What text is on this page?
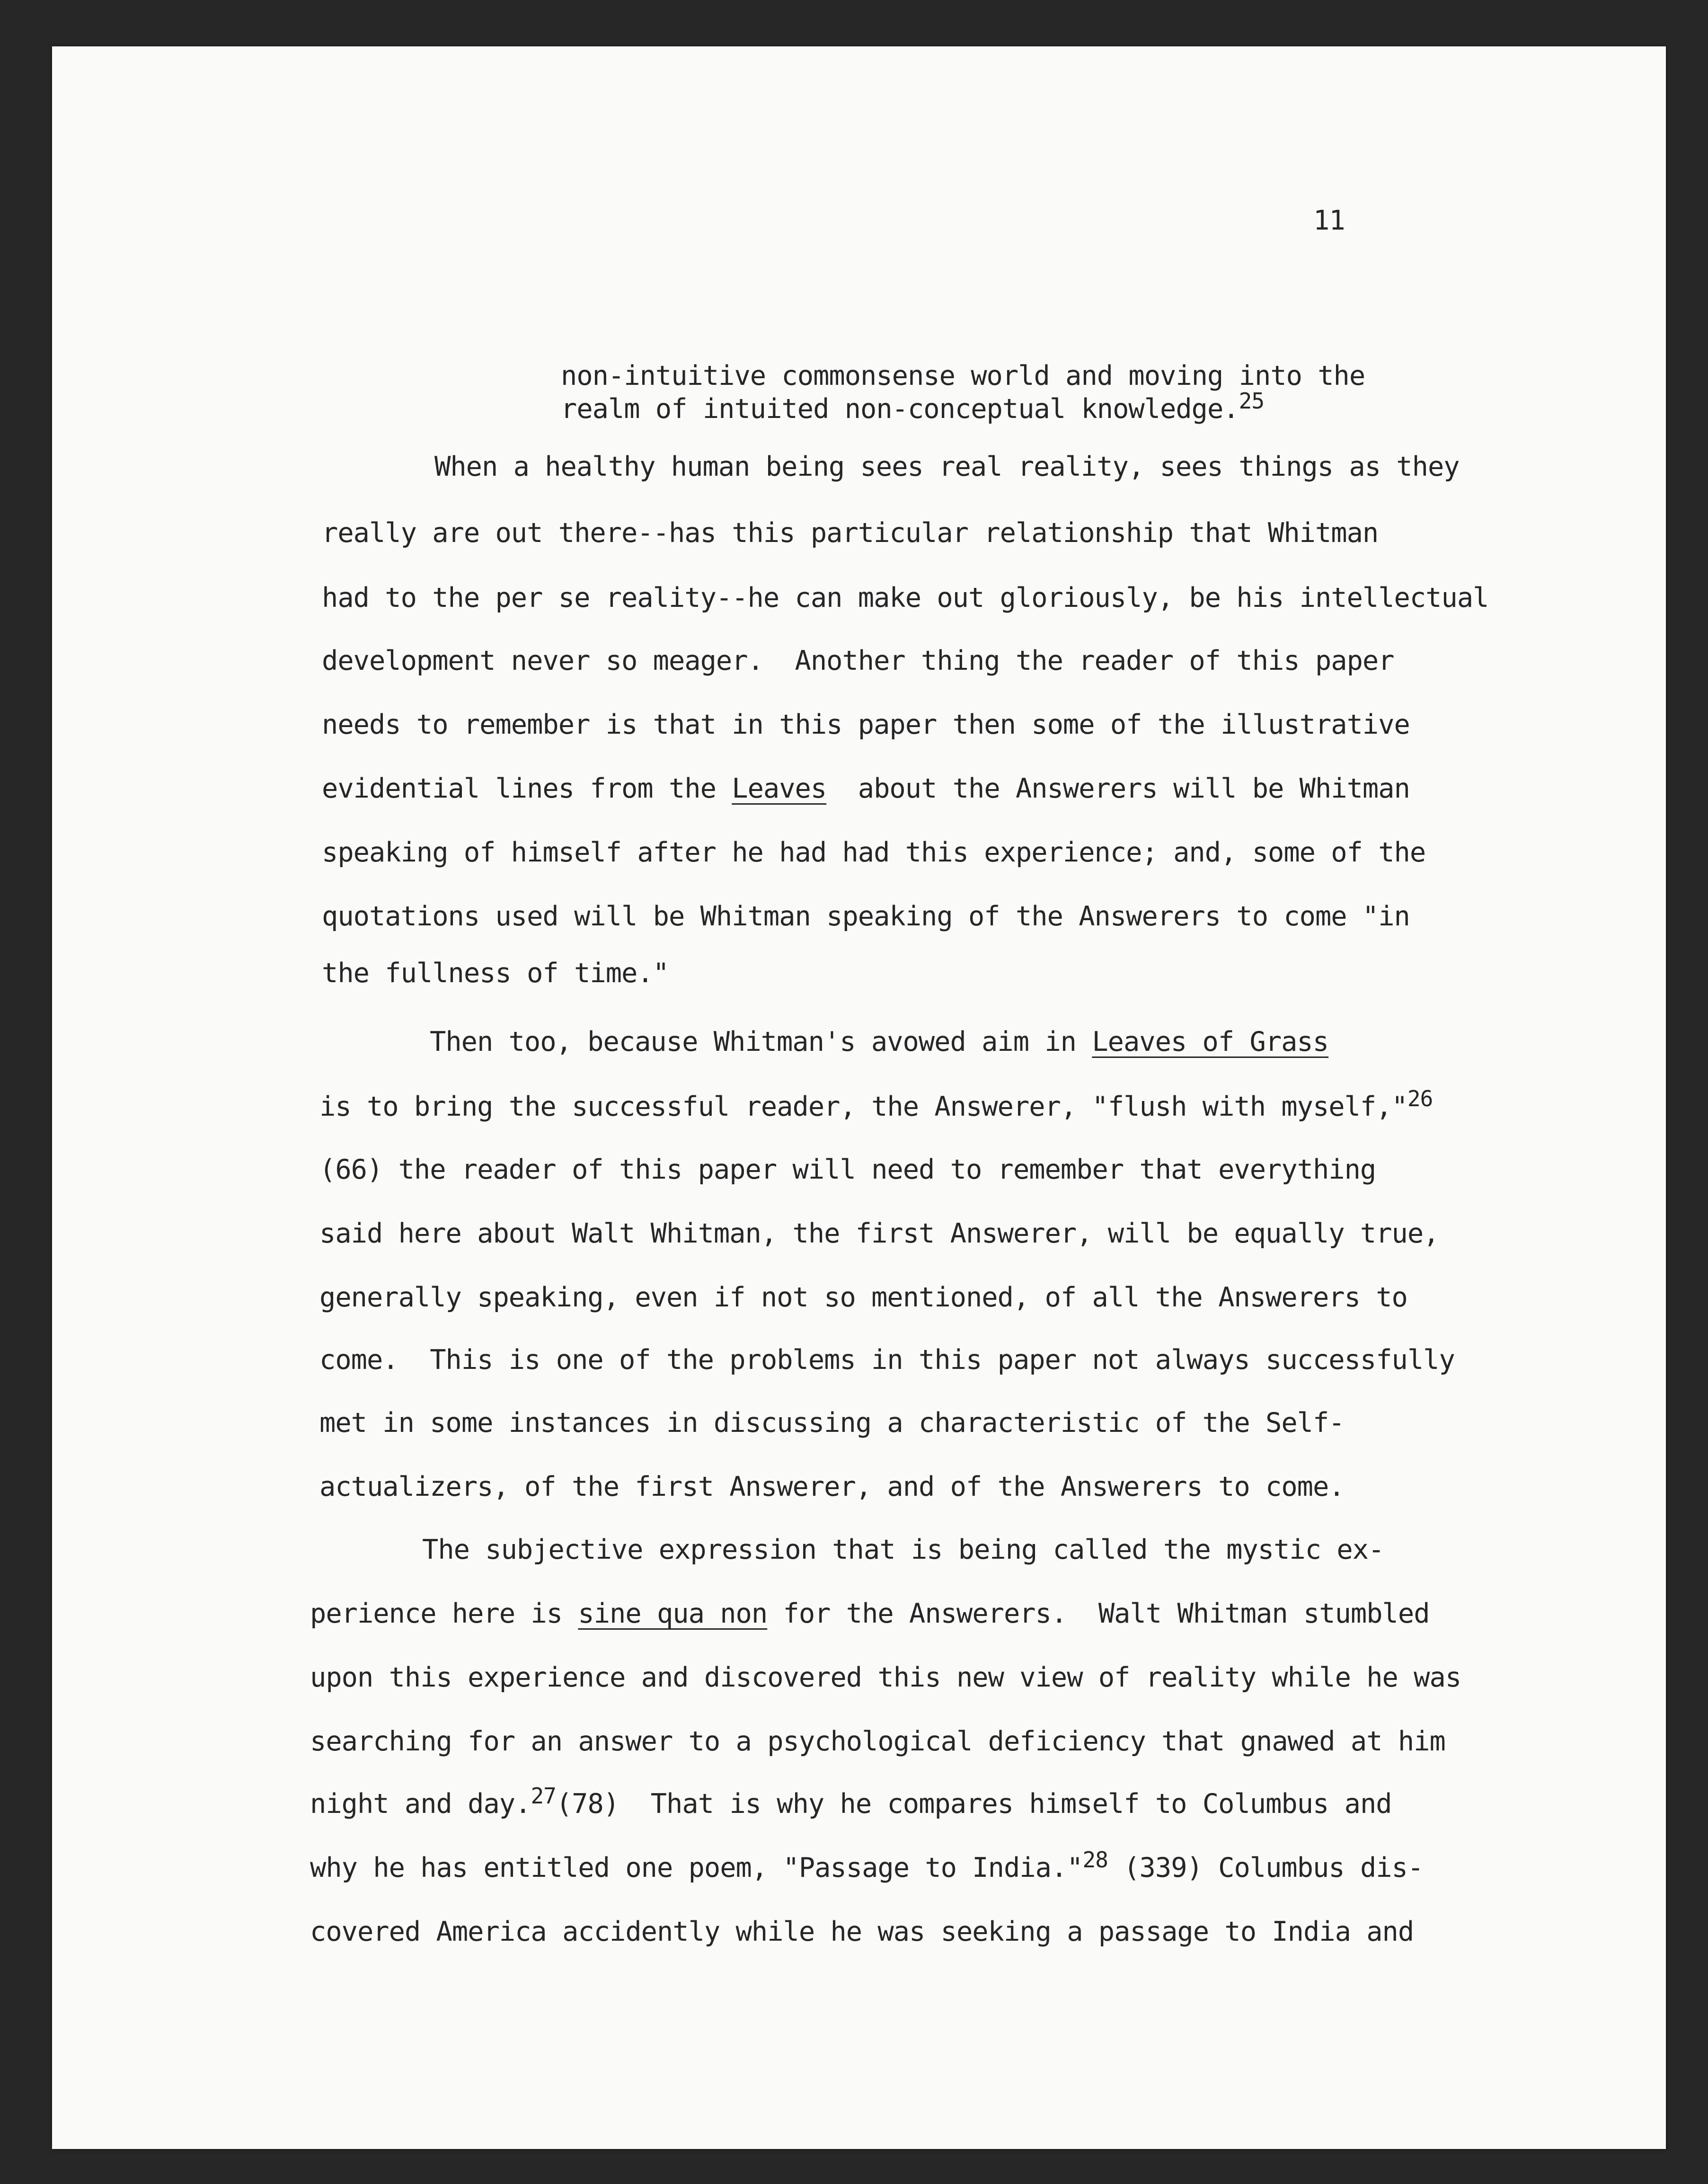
11
non-intuitive commonsense world and moving into the
realm of intuited non-conceptual knowledge.$^{25}$
When a healthy human being sees real reality, sees things as they
really are out there--has this particular relationship that Whitman
had to the per se reality--he can make out gloriously, be his intellectual
development never so meager.  Another thing the reader of this paper
needs to remember is that in this paper then some of the illustrative
evidential lines from the Leaves  about the Answerers will be Whitman
speaking of himself after he had had this experience; and, some of the
quotations used will be Whitman speaking of the Answerers to come "in
the fullness of time."
Then too, because Whitman's avowed aim in Leaves of Grass
is to bring the successful reader, the Answerer, "flush with myself,"$^{26}$
(66) the reader of this paper will need to remember that everything
said here about Walt Whitman, the first Answerer, will be equally true,
generally speaking, even if not so mentioned, of all the Answerers to
come.  This is one of the problems in this paper not always successfully
met in some instances in discussing a characteristic of the Self-
actualizers, of the first Answerer, and of the Answerers to come.
The subjective expression that is being called the mystic ex-
perience here is sine qua non for the Answerers.  Walt Whitman stumbled
upon this experience and discovered this new view of reality while he was
searching for an answer to a psychological deficiency that gnawed at him
night and day.$^{27}$(78)  That is why he compares himself to Columbus and
why he has entitled one poem, "Passage to India."$^{28}$ (339) Columbus dis-
covered America accidently while he was seeking a passage to India and
